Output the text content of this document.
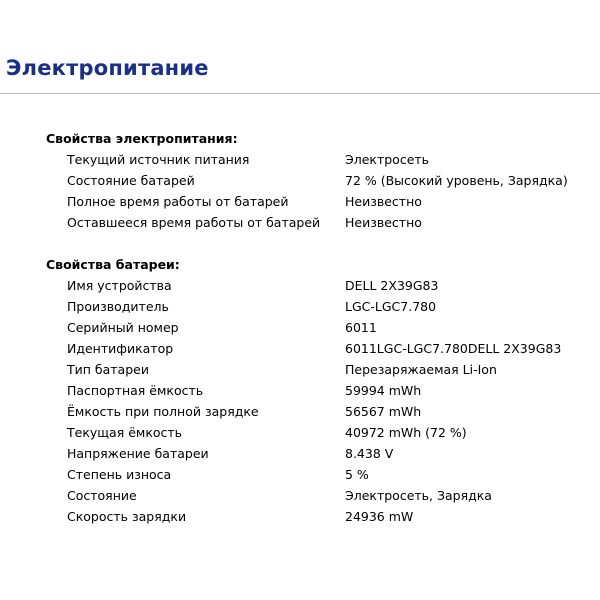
Электропитание
Свойства электропитания:
Текущий источник питания	Электросеть
Состояние батарей	72 % (Высокий уровень, Зарядка)
Полное время работы от батарей	Неизвестно
Оставшееся время работы от батарей Неизвестно
Свойства батареи:
Имя устройства	DELL 2X39G83
Производитель	LGC-LGC7.780
Серийный номер	6011
Идентификатор	6011LGC-LGC7.780DELL 2X39G83
Тип батареи	Перезаряжаемая Li-Ion
Паспортная ёмкость	59994 mWh
Ёмкость при полной зарядке	56567 mWh
Текущая ёмкость	40972 mWh (72 %)
Напряжение батареи	8.438 V
Степень износа	5 %
Состояние	Электросеть, Зарядка
Скорость зарядки	24936 mW
